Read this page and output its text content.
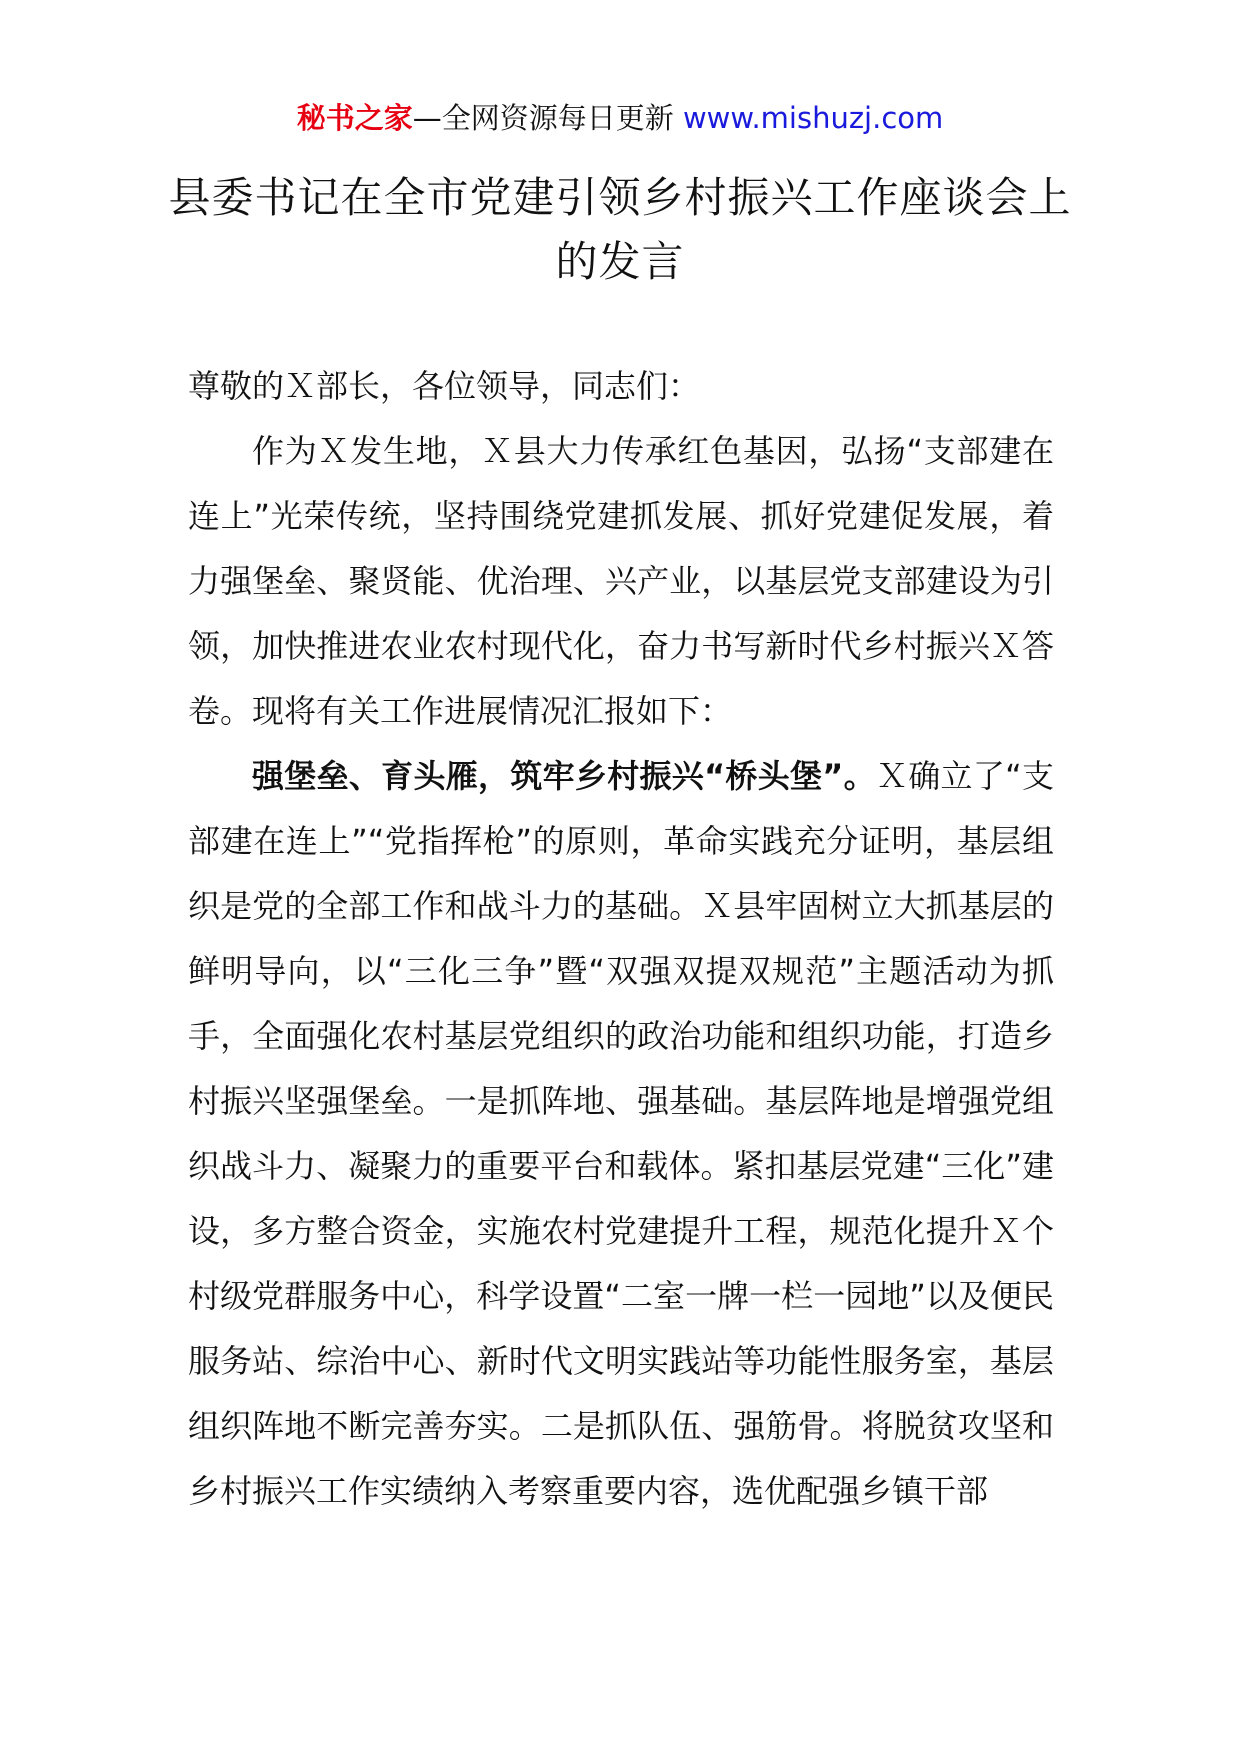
秘书之家—全网资源每日更新 www.mishuzj.com
县委书记在全市党建引领乡村振兴工作座谈会上的发言

尊敬的Ｘ部长，各位领导，同志们：

作为Ｘ发生地，Ｘ县大力传承红色基因，弘扬“支部建在连上”光荣传统，坚持围绕党建抓发展、抓好党建促发展，着力强堡垒、聚贤能、优治理、兴产业，以基层党支部建设为引领，加快推进农业农村现代化，奋力书写新时代乡村振兴Ｘ答卷。现将有关工作进展情况汇报如下：

强堡垒、育头雁，筑牢乡村振兴“桥头堡”。Ｘ确立了“支部建在连上”“党指挥枪”的原则，革命实践充分证明，基层组织是党的全部工作和战斗力的基础。Ｘ县牢固树立大抓基层的鲜明导向，以“三化三争”暨“双强双提双规范”主题活动为抓手，全面强化农村基层党组织的政治功能和组织功能，打造乡村振兴坚强堡垒。一是抓阵地、强基础。基层阵地是增强党组织战斗力、凝聚力的重要平台和载体。紧扣基层党建“三化”建设，多方整合资金，实施农村党建提升工程，规范化提升Ｘ个村级党群服务中心，科学设置“二室一牌一栏一园地”以及便民服务站、综治中心、新时代文明实践站等功能性服务室，基层组织阵地不断完善夯实。二是抓队伍、强筋骨。将脱贫攻坚和乡村振兴工作实绩纳入考察重要内容，选优配强乡镇干部
